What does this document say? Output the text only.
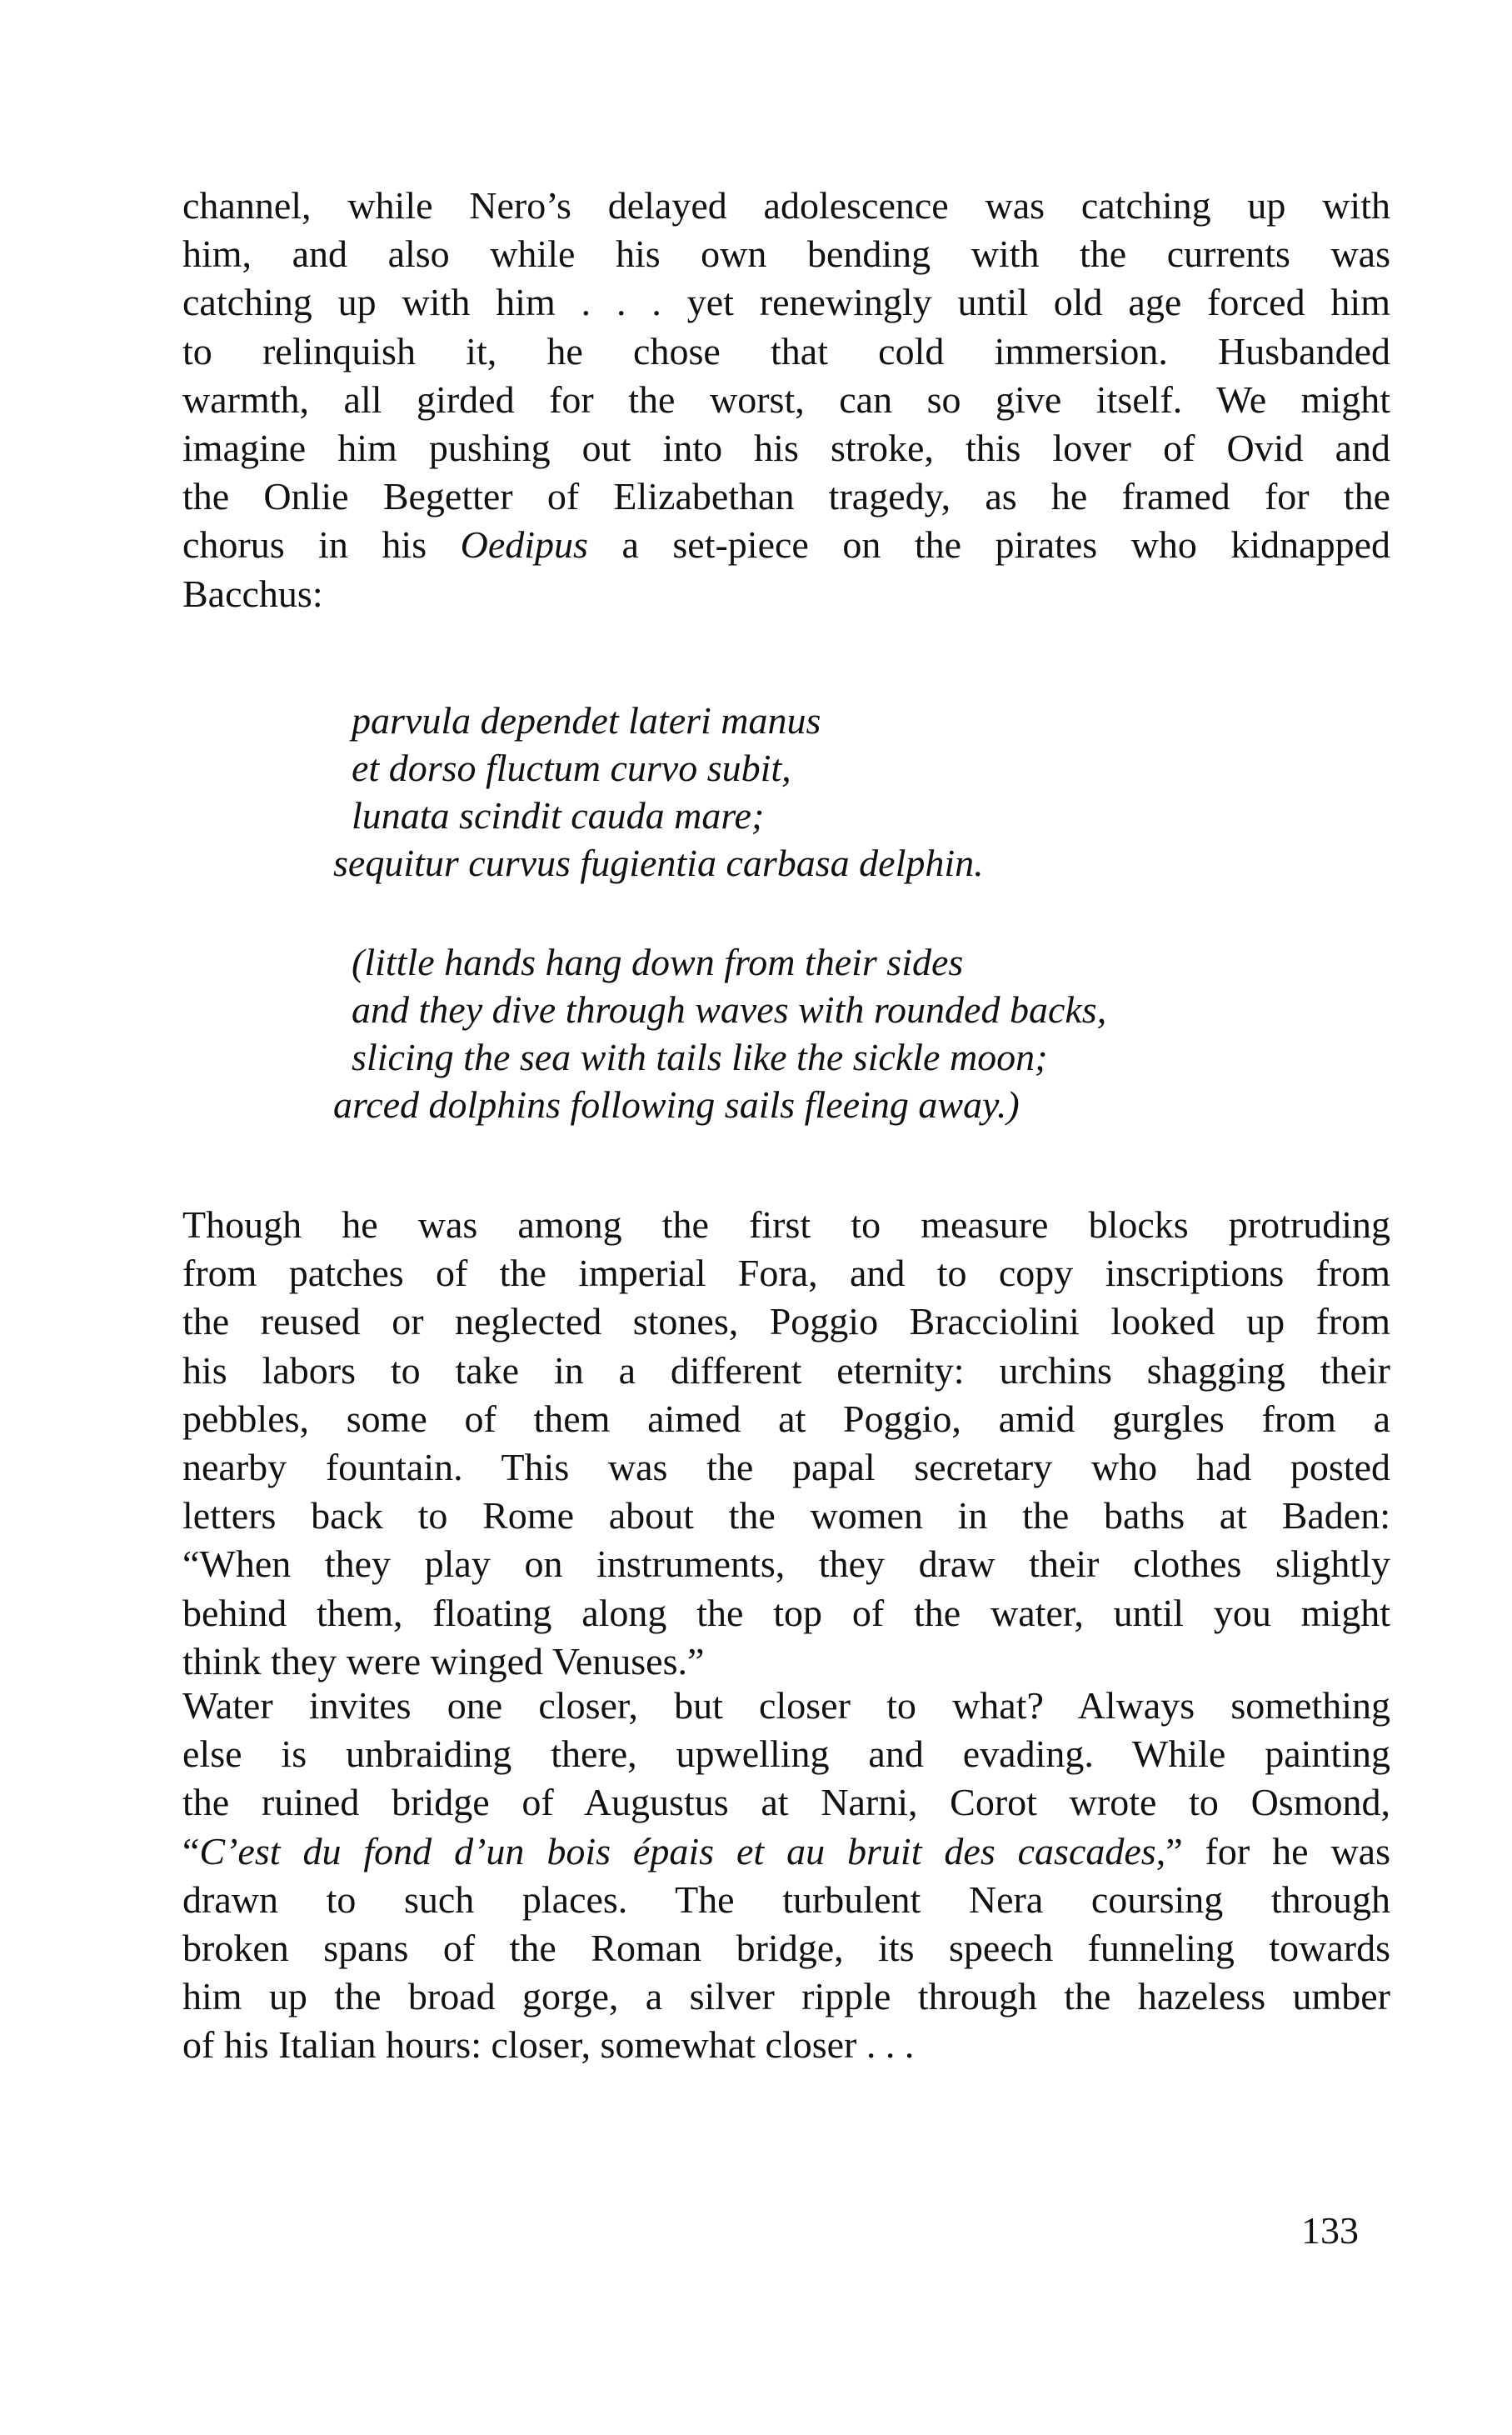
channel, while Nero’s delayed adolescence was catching up with
him, and also while his own bending with the currents was
catching up with him . . . yet renewingly until old age forced him
to relinquish it, he chose that cold immersion. Husbanded
warmth, all girded for the worst, can so give itself. We might
imagine him pushing out into his stroke, this lover of Ovid and
the Onlie Begetter of Elizabethan tragedy, as he framed for the
chorus in his Oedipus a set-piece on the pirates who kidnapped
Bacchus:
parvula dependet lateri manus
et dorso fluctum curvo subit,
lunata scindit cauda mare;
sequitur curvus fugientia carbasa delphin.
(little hands hang down from their sides
and they dive through waves with rounded backs,
slicing the sea with tails like the sickle moon;
arced dolphins following sails fleeing away.)
Though he was among the first to measure blocks protruding
from patches of the imperial Fora, and to copy inscriptions from
the reused or neglected stones, Poggio Bracciolini looked up from
his labors to take in a different eternity: urchins shagging their
pebbles, some of them aimed at Poggio, amid gurgles from a
nearby fountain. This was the papal secretary who had posted
letters back to Rome about the women in the baths at Baden:
“When they play on instruments, they draw their clothes slightly
behind them, floating along the top of the water, until you might
think they were winged Venuses.”
Water invites one closer, but closer to what? Always something
else is unbraiding there, upwelling and evading. While painting
the ruined bridge of Augustus at Narni, Corot wrote to Osmond,
“C’est du fond d’un bois épais et au bruit des cascades,” for he was
drawn to such places. The turbulent Nera coursing through
broken spans of the Roman bridge, its speech funneling towards
him up the broad gorge, a silver ripple through the hazeless umber
of his Italian hours: closer, somewhat closer . . .
133
